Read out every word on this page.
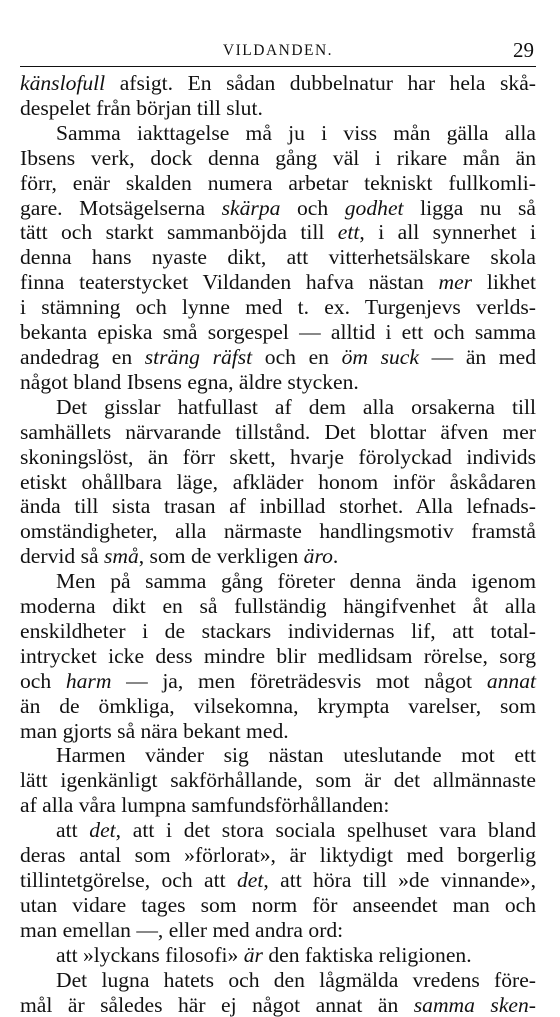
VILDANDEN.	29
känslofull afsigt. En sådan dubbelnatur har hela skå-
despelet från början till slut.
Samma iakttagelse må ju i viss mån gälla alla
Ibsens verk, dock denna gång väl i rikare mån än
förr, enär skalden numera arbetar tekniskt fullkomli-
gare. Motsägelserna skärpa och godhet ligga nu så
tätt och starkt sammanböjda till ett, i all synnerhet i
denna hans nyaste dikt, att vitterhetsälskare skola
finna teaterstycket Vildanden hafva nästan mer likhet
i stämning och lynne med t. ex. Turgenjevs verlds-
bekanta episka små sorgespel — alltid i ett och samma
andedrag en sträng räfst och en öm suck — än med
något bland Ibsens egna, äldre stycken.
Det gisslar hatfullast af dem alla orsakerna till
samhällets närvarande tillstånd. Det blottar äfven mer
skoningslöst, än förr skett, hvarje förolyckad individs
etiskt ohållbara läge, afkläder honom inför åskådaren
ända till sista trasan af inbillad storhet. Alla lefnads-
omständigheter, alla närmaste handlingsmotiv framstå
dervid så små, som de verkligen äro.
Men på samma gång företer denna ända igenom
moderna dikt en så fullständig hängifvenhet åt alla
enskildheter i de stackars individernas lif, att total-
intrycket icke dess mindre blir medlidsam rörelse, sorg
och harm — ja, men företrädesvis mot något annat
än de ömkliga, vilsekomna, krympta varelser, som
man gjorts så nära bekant med.
Harmen vänder sig nästan uteslutande mot ett
lätt igenkänligt sakförhållande, som är det allmännaste
af alla våra lumpna samfundsförhållanden:
att det, att i det stora sociala spelhuset vara bland
deras antal som »förlorat», är liktydigt med borgerlig
tillintetgörelse, och att det, att höra till »de vinnande»,
utan vidare tages som norm för anseendet man och
man emellan —, eller med andra ord:
att »lyckans filosofi» är den faktiska religionen.
Det lugna hatets och den lågmälda vredens före-
mål är således här ej något annat än samma sken-
